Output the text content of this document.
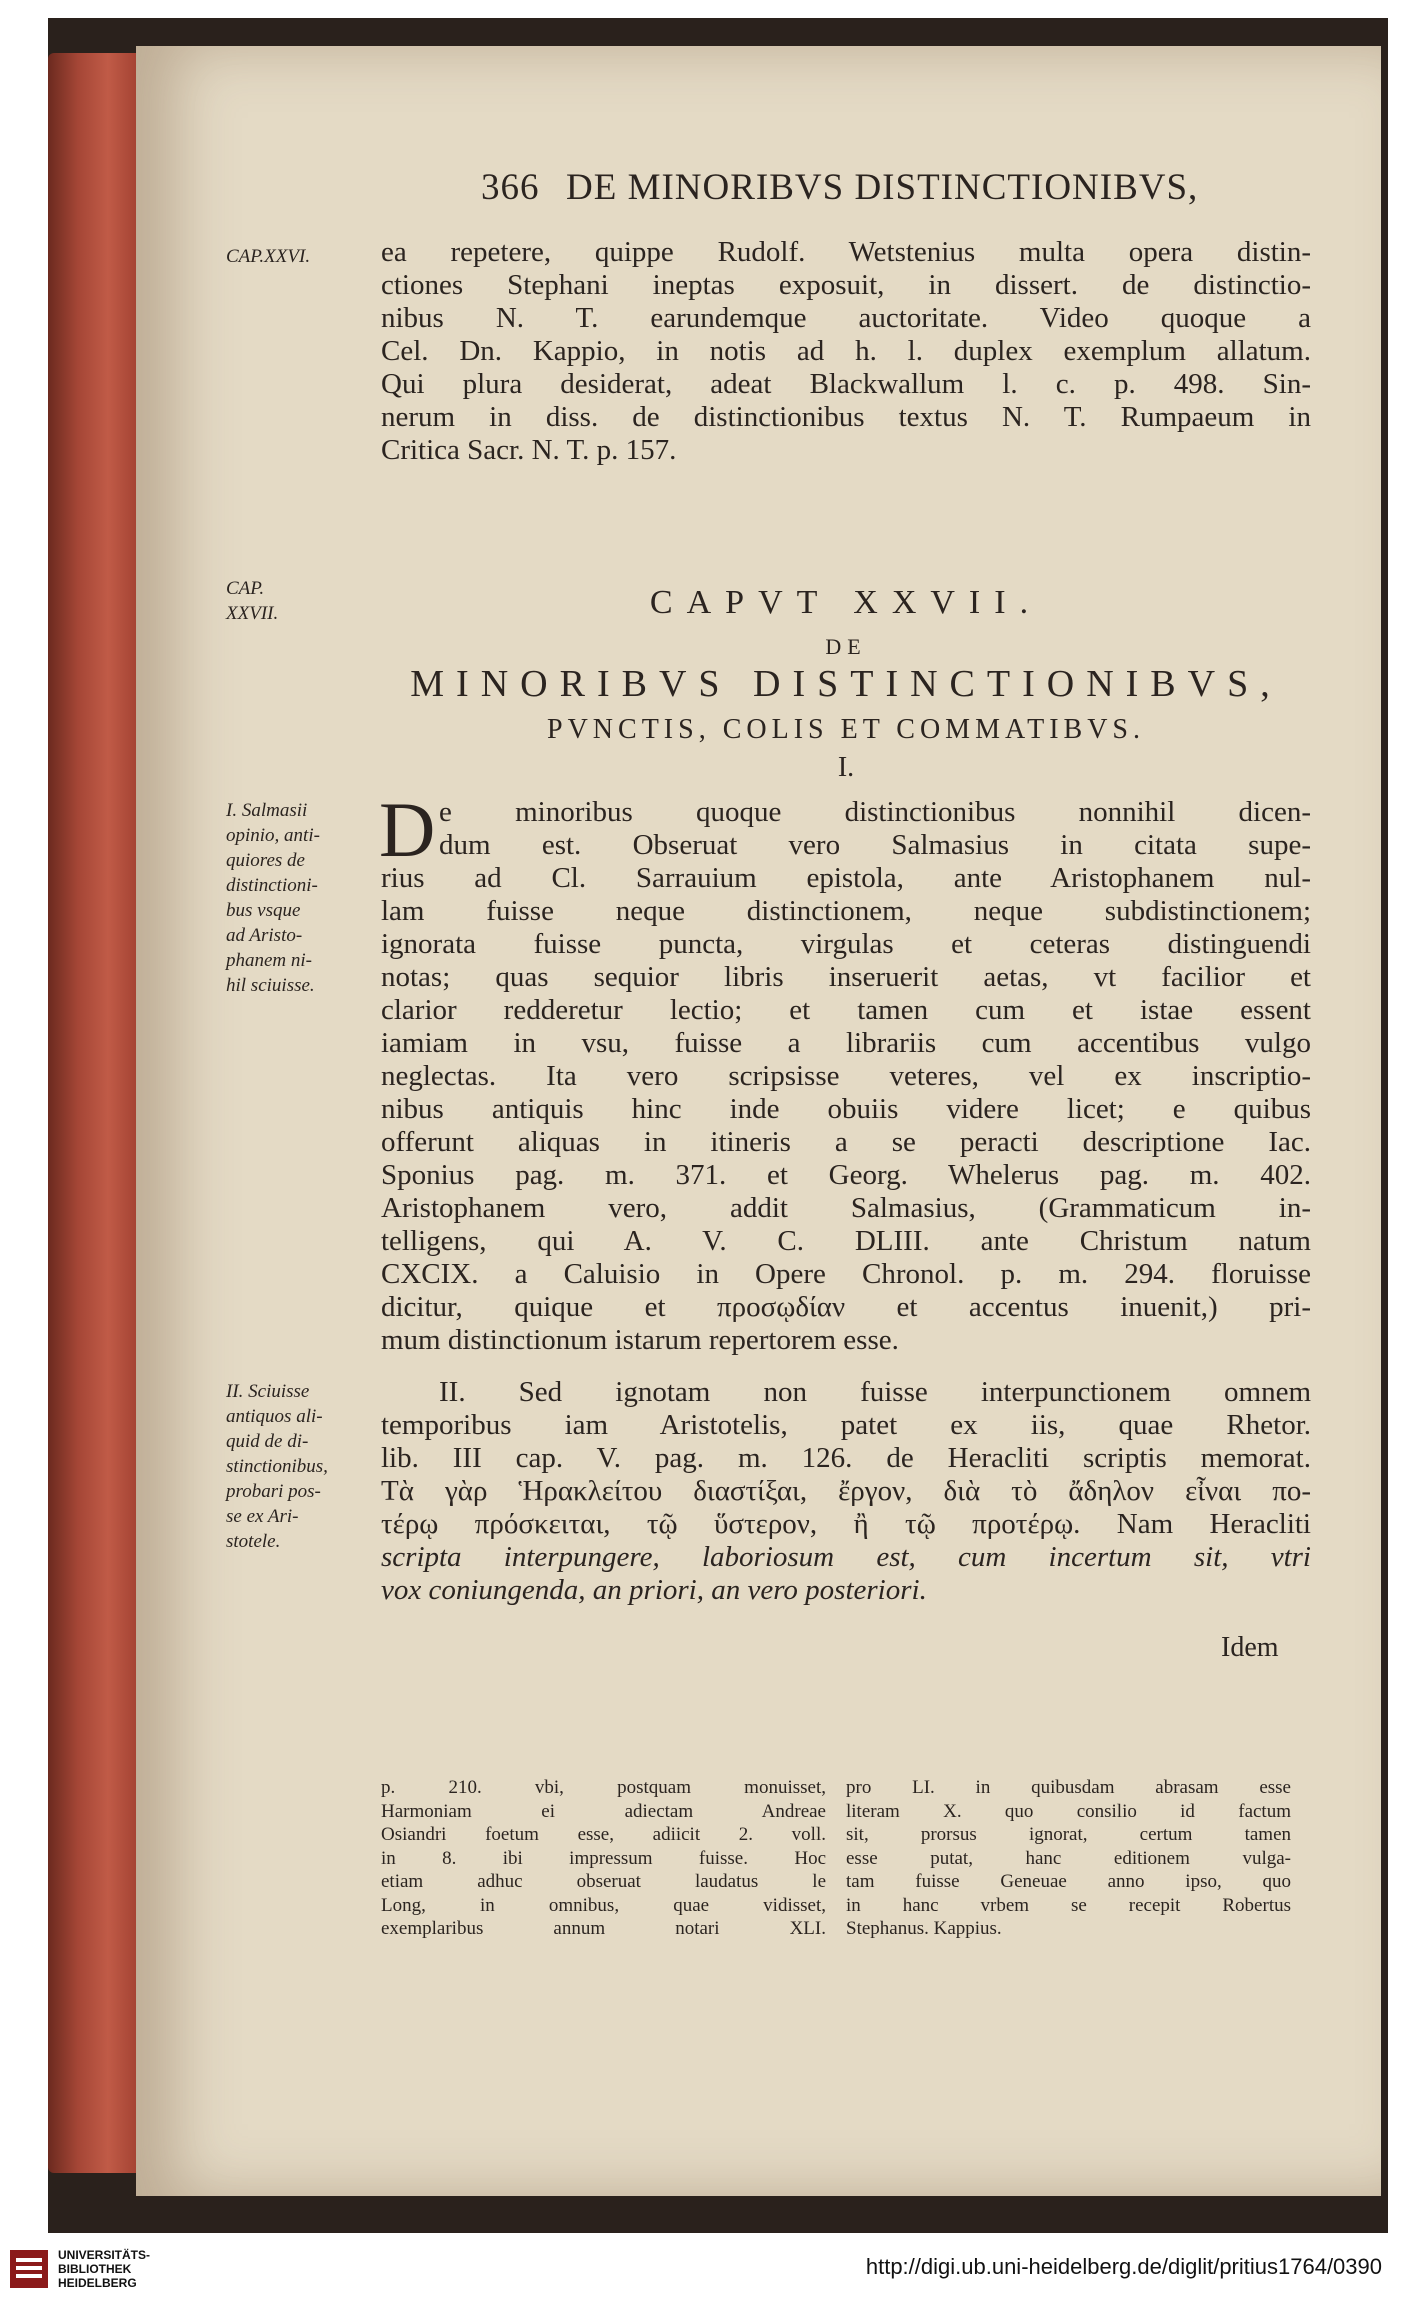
366 DE MINORIBVS DISTINCTIONIBVS,
CAP.XXVI.	ea repetere, quippe Rudolf. Wetstenius multa opera distin-
ctiones Stephani ineptas exposuit, in dissert. de distinctio-
nibus N. T. earundemque auctoritate. Video quoque a
Cel. Dn. Kappio, in notis ad h. l. duplex exemplum allatum.
Qui plura desiderat, adeat Blackwallum l. c. p. 498. Sin-
nerum in diss. de distinctionibus textus N. T. Rumpaeum in
Critica Sacr. N. T. p. 157.
CAP.
XXVII.	CAPVT XXVII.
DE
MINORIBVS DISTINCTIONIBVS,
PVNCTIS, COLIS ET COMMATIBVS.
I.
I. Salmasii
opinio, anti-
quiores de
distinctioni-
bus vsque
ad Aristo-
phanem ni-
hil sciuisse.
D e minoribus quoque distinctionibus nonnihil dicen-
dum est. Obseruat vero Salmasius in citata supe-
rius ad Cl. Sarrauium epistola, ante Aristophanem nul-
lam fuisse neque distinctionem, neque subdistinctionem;
ignorata fuisse puncta, virgulas et ceteras distinguendi
notas; quas sequior libris inseruerit aetas, vt facilior et
clarior redderetur lectio; et tamen cum et istae essent
iamiam in vsu, fuisse a librariis cum accentibus vulgo
neglectas. Ita vero scripsisse veteres, vel ex inscriptio-
nibus antiquis hinc inde obuiis videre licet; e quibus
offerunt aliquas in itineris a se peracti descriptione Iac.
Sponius pag. m. 371. et Georg. Whelerus pag. m. 402.
Aristophanem vero, addit Salmasius, (Grammaticum in-
telligens, qui A. V. C. DLIII. ante Christum natum
CXCIX. a Caluisio in Opere Chronol. p. m. 294. floruisse
dicitur, quique et προσῳδίαν et accentus inuenit,) pri-
mum distinctionum istarum repertorem esse.
II. Sciuisse
antiquos ali-
quid de di-
stinctionibus,
probari pos-
se ex Ari-
stotele.
II. Sed ignotam non fuisse interpunctionem omnem
temporibus iam Aristotelis, patet ex iis, quae Rhetor.
lib. III cap. V. pag. m. 126. de Heracliti scriptis memorat.
Τὰ γὰρ Ἡρακλείτου διαστίξαι, ἔργον, διὰ τὸ ἄδηλον εἶναι πο-
τέρῳ πρόσκειται, τῷ ὕστερον, ἢ τῷ προτέρῳ. Nam Heracliti
scripta interpungere, laboriosum est, cum incertum sit, vtri
vox coniungenda, an priori, an vero posteriori.
Idem
p. 210. vbi, postquam monuisset,
Harmoniam ei adiectam Andreae
Osiandri foetum esse, adiicit 2. voll.
in 8. ibi impressum fuisse. Hoc
etiam adhuc obseruat laudatus le
Long, in omnibus, quae vidisset,
exemplaribus annum notari XLI.
pro LI. in quibusdam abrasam esse
literam X. quo consilio id factum
sit, prorsus ignorat, certum tamen
esse putat, hanc editionem vulga-
tam fuisse Geneuae anno ipso, quo
in hanc vrbem se recepit Robertus
Stephanus. Kappius.
UNIVERSITÄTS-
BIBLIOTHEK
HEIDELBERG
http://digi.ub.uni-heidelberg.de/diglit/pritius1764/0390
